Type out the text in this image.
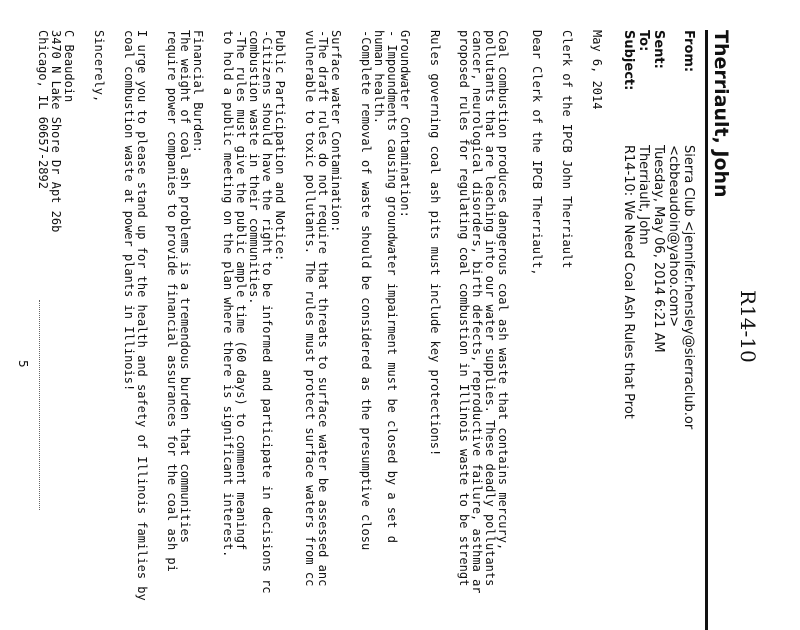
R14-10
Therriault, John
From:
Sierra Club <jennifer.hensley@sierraclub.or
<cbbeaudoin@yahoo.com>
Sent:
Tuesday, May 06, 2014 6:21 AM
To:
Therriault, John
Subject:
R14-10: We Need Coal Ash Rules that Prot
May 6, 2014
Clerk of the IPCB John Therriault
Dear Clerk of the IPCB Therriault,
Coal combustion produces dangerous coal ash waste that contains mercury,
pollutants that are leaching into our water supplies. These deadly pollutants
cancer, neurological disorders, birth defects, reproductive failure, asthma ar
proposed rules for regulating coal combustion in Illinois waste to be strengt
Rules governing coal ash pits must include key protections!
Groundwater Contamination:
- Impoundments causing groundwater impairment must be closed by a set d
human health.
-Complete removal of waste should be considered as the presumptive closu
Surface water Contamination:
-The draft rules do not require that threats to surface water be assessed anc
vulnerable to toxic pollutants. The rules must protect surface waters from cc
Public Participation and Notice:
-Citizens should have the right to be informed and participate in decisions rc
combustion waste in their communities.
-The rules must give the public ample time (60 days) to comment meaningf
to hold a public meeting on the plan where there is significant interest.
Financial Burden:
The weight of coal ash problems is a tremendous burden that communities
require power companies to provide financial assurances for the coal ash pi
I urge you to please stand up for the health and safety of Illinois families by
coal combustion waste at power plants in Illinois!
Sincerely,
C Beaudoin
3470 N Lake Shore Dr Apt 26b
Chicago, IL 60657-2892
5
